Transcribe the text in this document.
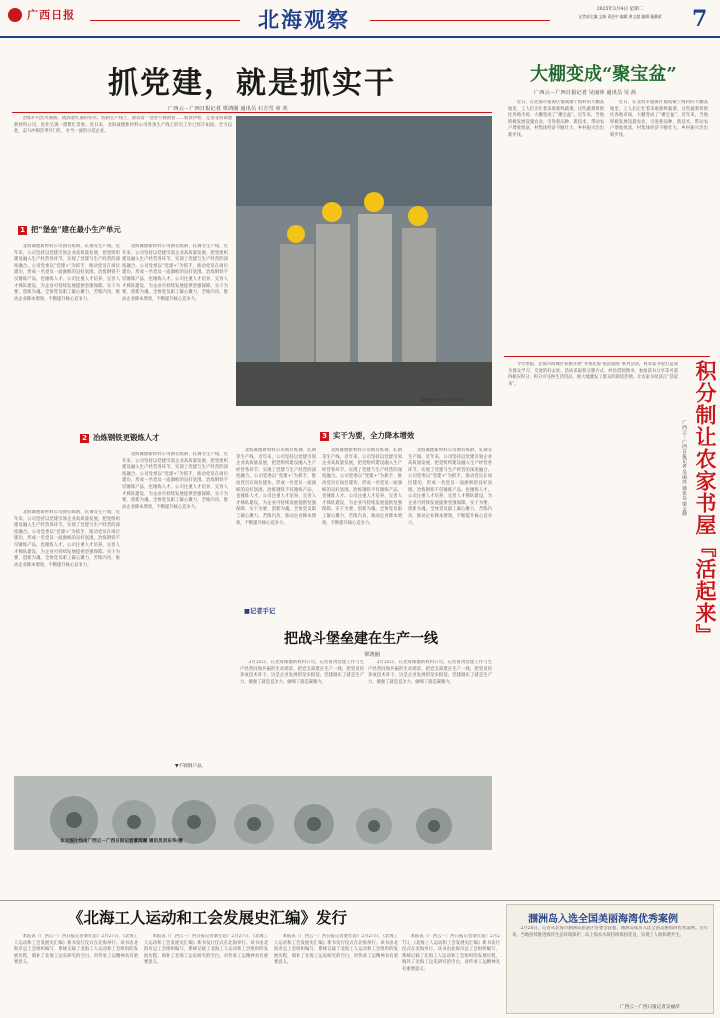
广西日报	北海观察	2025年3月4日 星期二
记者部主编 文娟 责任中 编辑 黄义超 编辑 施雅斌	7
抓党建，就是抓实干
广西云－广西日报记者 覃鸿圈 通讯员 石方雪 章 英

冶炼炉内烈火熊熊，流淌着红通的铁水；机制生产线上，滚动着一卷卷不锈钢卷……新春伊始，走进北海诚德新材料公司，处处呈现一派繁忙景象。连日来，北海诚德新材料公司各条生产线上的员工早已挥汗如雨，全力以赴，奋力冲刺首季开门红，争当一流的示范企业。

1 把“堡垒”建在最小生产单元

北海诚德新材料公司拥有炼钢、轧钢等生产线，近年来，公司坚持以党建引领企业高质量发展，把党组织建设融入生产经营各环节，实现了党建与生产经营的深度融合。公司党委以“党建+”为抓手，推动党员在岗位建功，形成一名党员一面旗帜的良好氛围。冶炼钢铁不仅锤炼产品，也锤炼人才。公司注重人才培养，完善人才梯队建设，为企业可持续发展提供坚强保障。实干为要、创新为魂。全体党员职工凝心聚力，苦练内功，推动企业降本增效，不断提升核心竞争力。

北海诚德新材料公司拥有炼钢、轧钢等生产线，近年来，公司坚持以党建引领企业高质量发展，把党组织建设融入生产经营各环节，实现了党建与生产经营的深度融合。公司党委以“党建+”为抓手，推动党员在岗位建功，形成一名党员一面旗帜的良好氛围。冶炼钢铁不仅锤炼产品，也锤炼人才。公司注重人才培养，完善人才梯队建设，为企业可持续发展提供坚强保障。实干为要、创新为魂。全体党员职工凝心聚力，苦练内功，推动企业降本增效，不断提升核心竞争力。

2 冶炼钢铁更锻炼人才

北海诚德新材料公司拥有炼钢、轧钢等生产线，近年来，公司坚持以党建引领企业高质量发展，把党组织建设融入生产经营各环节，实现了党建与生产经营的深度融合。公司党委以“党建+”为抓手，推动党员在岗位建功，形成一名党员一面旗帜的良好氛围。冶炼钢铁不仅锤炼产品，也锤炼人才。公司注重人才培养，完善人才梯队建设，为企业可持续发展提供坚强保障。实干为要、创新为魂。全体党员职工凝心聚力，苦练内功，推动企业降本增效，不断提升核心竞争力。

北海诚德新材料公司拥有炼钢、轧钢等生产线，近年来，公司坚持以党建引领企业高质量发展，把党组织建设融入生产经营各环节，实现了党建与生产经营的深度融合。公司党委以“党建+”为抓手，推动党员在岗位建功，形成一名党员一面旗帜的良好氛围。冶炼钢铁不仅锤炼产品，也锤炼人才。公司注重人才培养，完善人才梯队建设，为企业可持续发展提供坚强保障。实干为要、创新为魂。全体党员职工凝心聚力，苦练内功，推动企业降本增效，不断提升核心竞争力。

诚德新材料公司炼钢厂。
3 实干为要，全力降本增效

北海诚德新材料公司拥有炼钢、轧钢等生产线，近年来，公司坚持以党建引领企业高质量发展，把党组织建设融入生产经营各环节，实现了党建与生产经营的深度融合。公司党委以“党建+”为抓手，推动党员在岗位建功，形成一名党员一面旗帜的良好氛围。冶炼钢铁不仅锤炼产品，也锤炼人才。公司注重人才培养，完善人才梯队建设，为企业可持续发展提供坚强保障。实干为要、创新为魂。全体党员职工凝心聚力，苦练内功，推动企业降本增效，不断提升核心竞争力。

北海诚德新材料公司拥有炼钢、轧钢等生产线，近年来，公司坚持以党建引领企业高质量发展，把党组织建设融入生产经营各环节，实现了党建与生产经营的深度融合。公司党委以“党建+”为抓手，推动党员在岗位建功，形成一名党员一面旗帜的良好氛围。冶炼钢铁不仅锤炼产品，也锤炼人才。公司注重人才培养，完善人才梯队建设，为企业可持续发展提供坚强保障。实干为要、创新为魂。全体党员职工凝心聚力，苦练内功，推动企业降本增效，不断提升核心竞争力。

北海诚德新材料公司拥有炼钢、轧钢等生产线，近年来，公司坚持以党建引领企业高质量发展，把党组织建设融入生产经营各环节，实现了党建与生产经营的深度融合。公司党委以“党建+”为抓手，推动党员在岗位建功，形成一名党员一面旗帜的良好氛围。冶炼钢铁不仅锤炼产品，也锤炼人才。公司注重人才培养，完善人才梯队建设，为企业可持续发展提供坚强保障。实干为要、创新为魂。全体党员职工凝心聚力，苦练内功，推动企业降本增效，不断提升核心竞争力。

■记者手记
把战斗堡垒建在生产一线
覃鸿圈

2月25日，在北海诚德新材料公司，记者看到党建工作与生产经营同频共振的生动场景。把党支部建在生产一线，把党员培养成技术骨干，这是企业发展的坚实根基。党建做实了就是生产力，做强了就是竞争力，做细了就是凝聚力。

2月25日，在北海诚德新材料公司，记者看到党建工作与生产经营同频共振的生动场景。把党支部建在生产一线，把党员培养成技术骨干，这是企业发展的坚实根基。党建做实了就是生产力，做强了就是竞争力，做细了就是凝聚力。

▼不锈钢产品。
本文图片均由广西云－广西日报记者覃鸿圈 通讯员刘东华/摄
大棚变成“聚宝盆”
广西云－广西日报记者 吴丽萍 通讯员 吴 茜

近日，在北海市银海区福成镇宁海村的大棚基地里，工人们正忙着采收新鲜蔬菜。这些蔬菜将销往各地市场，大棚变成了“聚宝盆”。近年来，当地积极发展设施农业，引进新品种、新技术，带动农户增收致富，村集体经济不断壮大，乡村振兴迈出新步伐。

近日，在北海市银海区福成镇宁海村的大棚基地里，工人们正忙着采收新鲜蔬菜。这些蔬菜将销往各地市场，大棚变成了“聚宝盆”。近年来，当地积极发展设施农业，引进新品种、新技术，带动农户增收致富，村集体经济不断壮大，乡村振兴迈出新步伐。

今年寒假，北海市海城区积极开展“书香北海 悦读银海”系列活动，将农家书屋打造成为群众学习、交流的好去处。活动采取积分制方式，村民借阅图书、参加读书分享等可获得相应积分，积分可兑换生活用品，极大地激发了群众的阅读热情，让农家书屋真正“活起来”。	积分制让农家书屋『活起来』
广西云－广西日报记者 吴丽萍 通讯员 梁文静
《北海工人运动和工会发展史汇编》发行

本报讯（广西云－广西日报记者梁仕超）2月27日，《北海工人运动和工会发展史汇编》新书发行仪式在北海举行。该书由北海市总工会组织编写，系统记载了北海工人运动和工会组织的发展历程，填补了北海工运史研究的空白，对传承工运精神具有重要意义。

本报讯（广西云－广西日报记者梁仕超）2月27日，《北海工人运动和工会发展史汇编》新书发行仪式在北海举行。该书由北海市总工会组织编写，系统记载了北海工人运动和工会组织的发展历程，填补了北海工运史研究的空白，对传承工运精神具有重要意义。

本报讯（广西云－广西日报记者梁仕超）2月27日，《北海工人运动和工会发展史汇编》新书发行仪式在北海举行。该书由北海市总工会组织编写，系统记载了北海工人运动和工会组织的发展历程，填补了北海工运史研究的空白，对传承工运精神具有重要意义。

本报讯（广西云－广西日报记者梁仕超）2月27日，《北海工人运动和工会发展史汇编》新书发行仪式在北海举行。该书由北海市总工会组织编写，系统记载了北海工人运动和工会组织的发展历程，填补了北海工运史研究的空白，对传承工运精神具有重要意义。

涠洲岛入选全国美丽海湾优秀案例

2月28日，记者从北海市涠洲岛旅游区管委会获悉，涠洲岛成功入选全国美丽海湾优秀案例。近年来，当地持续推进海洋生态环境保护，岛上海水水质持续保持优良，实现了人海和谐共生。

广西云－广西日报记者吴丽萍
